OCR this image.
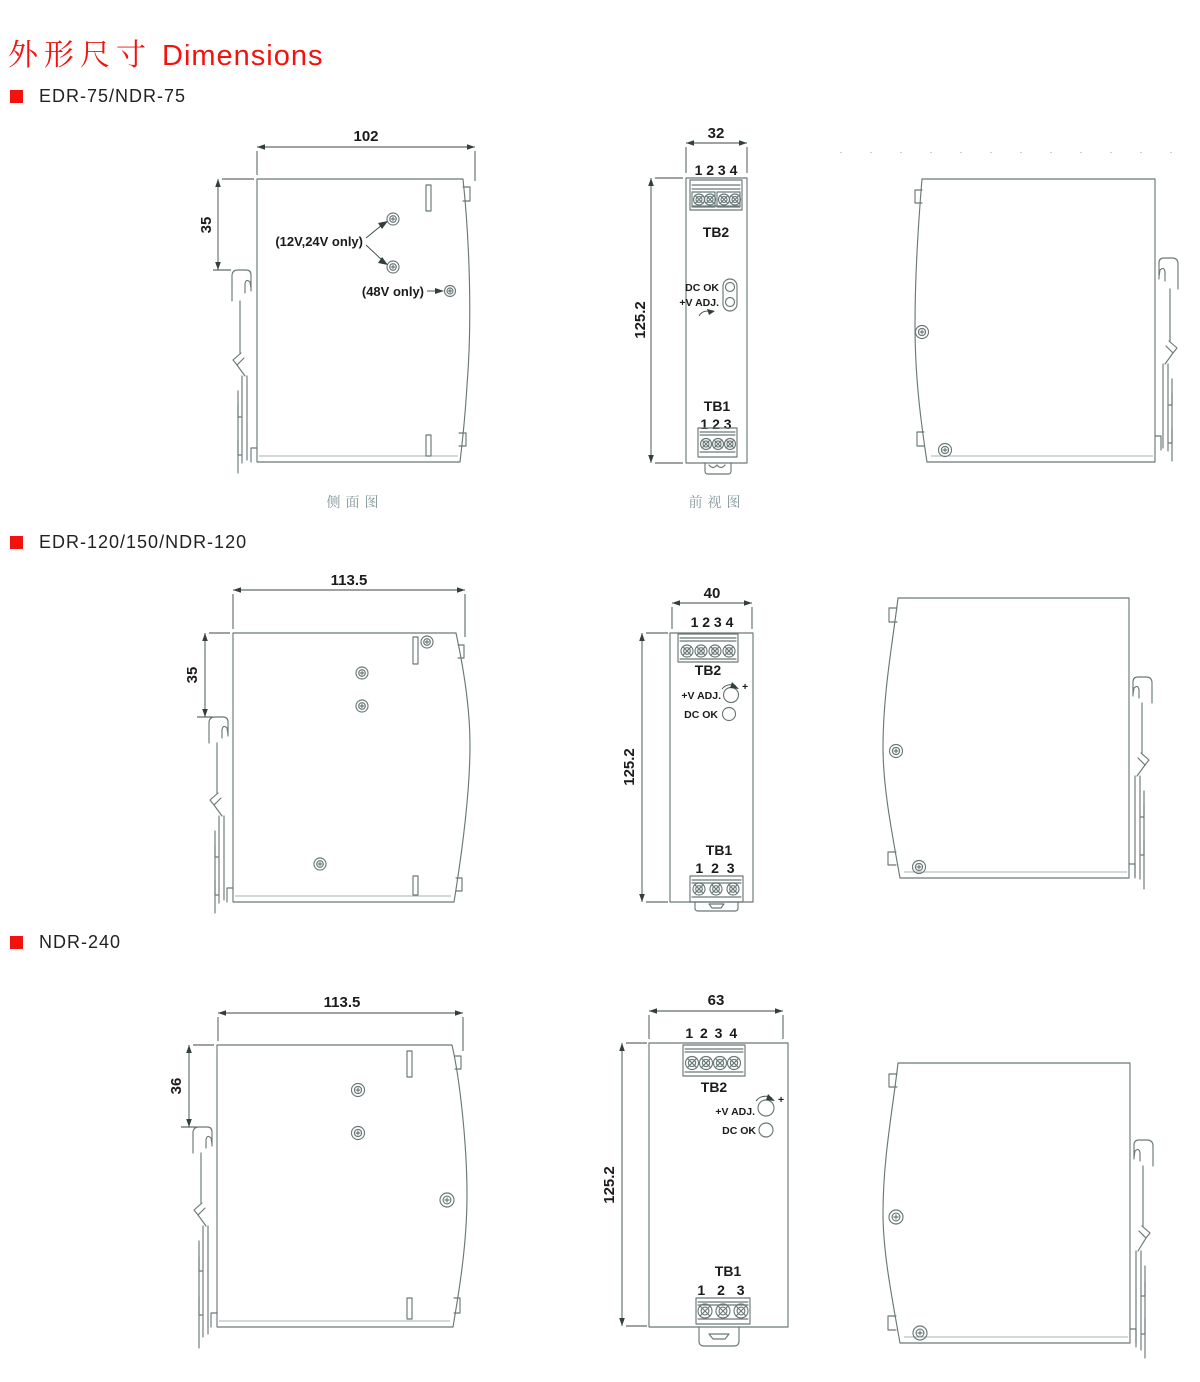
外形尺寸 Dimensions
EDR-75/NDR-75
EDR-120/150/NDR-120
NDR-240
102
35
(12V,24V only)
(48V only)
侧面图
32
125.2
1 2 3 4
TB2
DC OK
+V ADJ.
TB1
1 2 3
前视图
113.5
35
40
125.2
1 2 3 4
TB2
+V ADJ.
+
DC OK
TB1
1 2 3
113.5
36
63
125.2
1 2 3 4
TB2
+V ADJ.
+
DC OK
TB1
1 2 3
